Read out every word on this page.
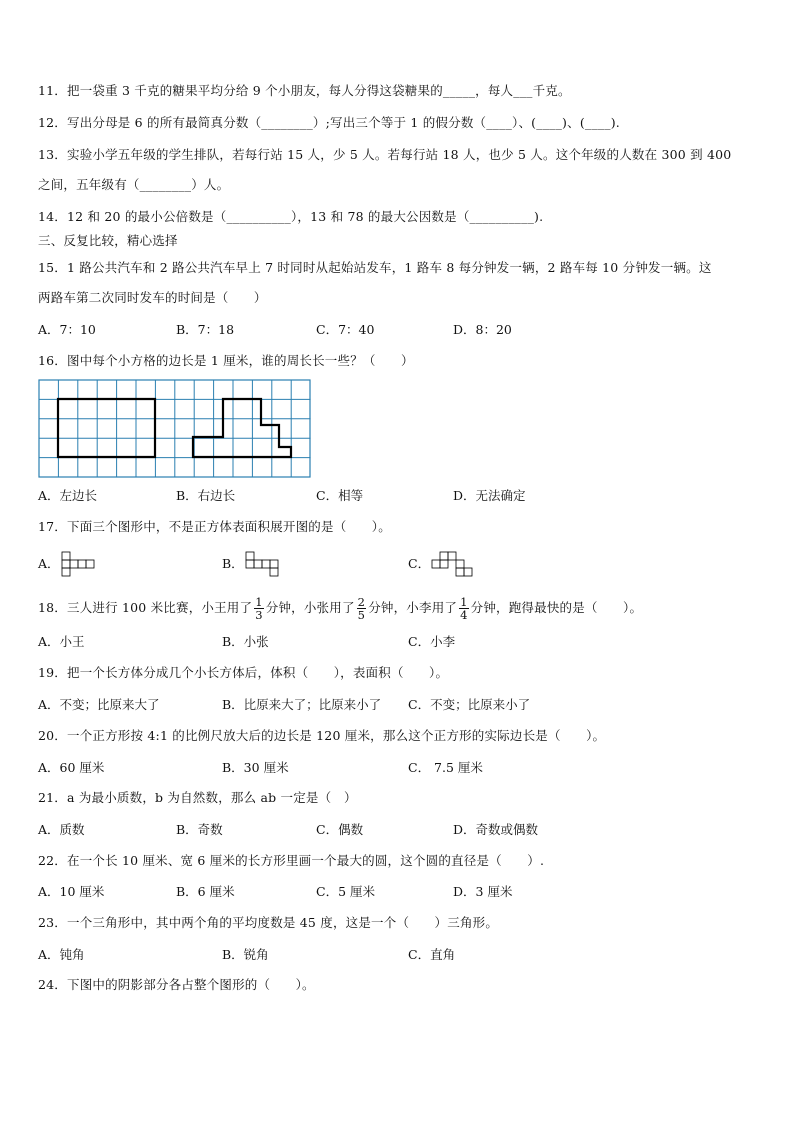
11．把一袋重 3 千克的糖果平均分给 9 个小朋友，每人分得这袋糖果的_____，每人___千克。
12．写出分母是 6 的所有最简真分数（________）;写出三个等于 1 的假分数（____）、(____)、(____).
13．实验小学五年级的学生排队，若每行站 15 人，少 5 人。若每行站 18 人，也少 5 人。这个年级的人数在 300 到 400
之间，五年级有（________）人。
14．12 和 20 的最小公倍数是（__________），13 和 78 的最大公因数是（__________).
三、反复比较，精心选择
15．1 路公共汽车和 2 路公共汽车早上 7 时同时从起始站发车，1 路车 8 每分钟发一辆，2 路车每 10 分钟发一辆。这
两路车第二次同时发车的时间是（　　）
A．7：10	B．7：18	C．7：40	D．8：20
16．图中每个小方格的边长是 1 厘米，谁的周长长一些？（　　）
A．左边长	B．右边长	C．相等	D．无法确定
17．下面三个图形中，不是正方体表面积展开图的是（　　）。
A．	B．	C．
18．三人进行 100 米比赛，小王用了 $\frac{1}{3}$ 分钟，小张用了 $\frac{2}{5}$ 分钟，小李用了 $\frac{1}{4}$ 分钟，跑得最快的是（　　）。
A．小王	B．小张	C．小李
19．把一个长方体分成几个小长方体后，体积（　　），表面积（　　）。
A．不变；比原来大了	B．比原来大了；比原来小了 C．不变；比原来小了
20．一个正方形按 4:1 的比例尺放大后的边长是 120 厘米，那么这个正方形的实际边长是（　　）。
A．60 厘米	B．30 厘米	C． 7.5 厘米
21．a 为最小质数，b 为自然数，那么 ab 一定是（　）
A．质数	B．奇数	C．偶数	D．奇数或偶数
22．在一个长 10 厘米、宽 6 厘米的长方形里画一个最大的圆，这个圆的直径是（　　）.
A．10 厘米	B．6 厘米	C．5 厘米	D．3 厘米
23．一个三角形中，其中两个角的平均度数是 45 度，这是一个（　　）三角形。
A．钝角	B．锐角	C．直角
24．下图中的阴影部分各占整个图形的（　　）。
